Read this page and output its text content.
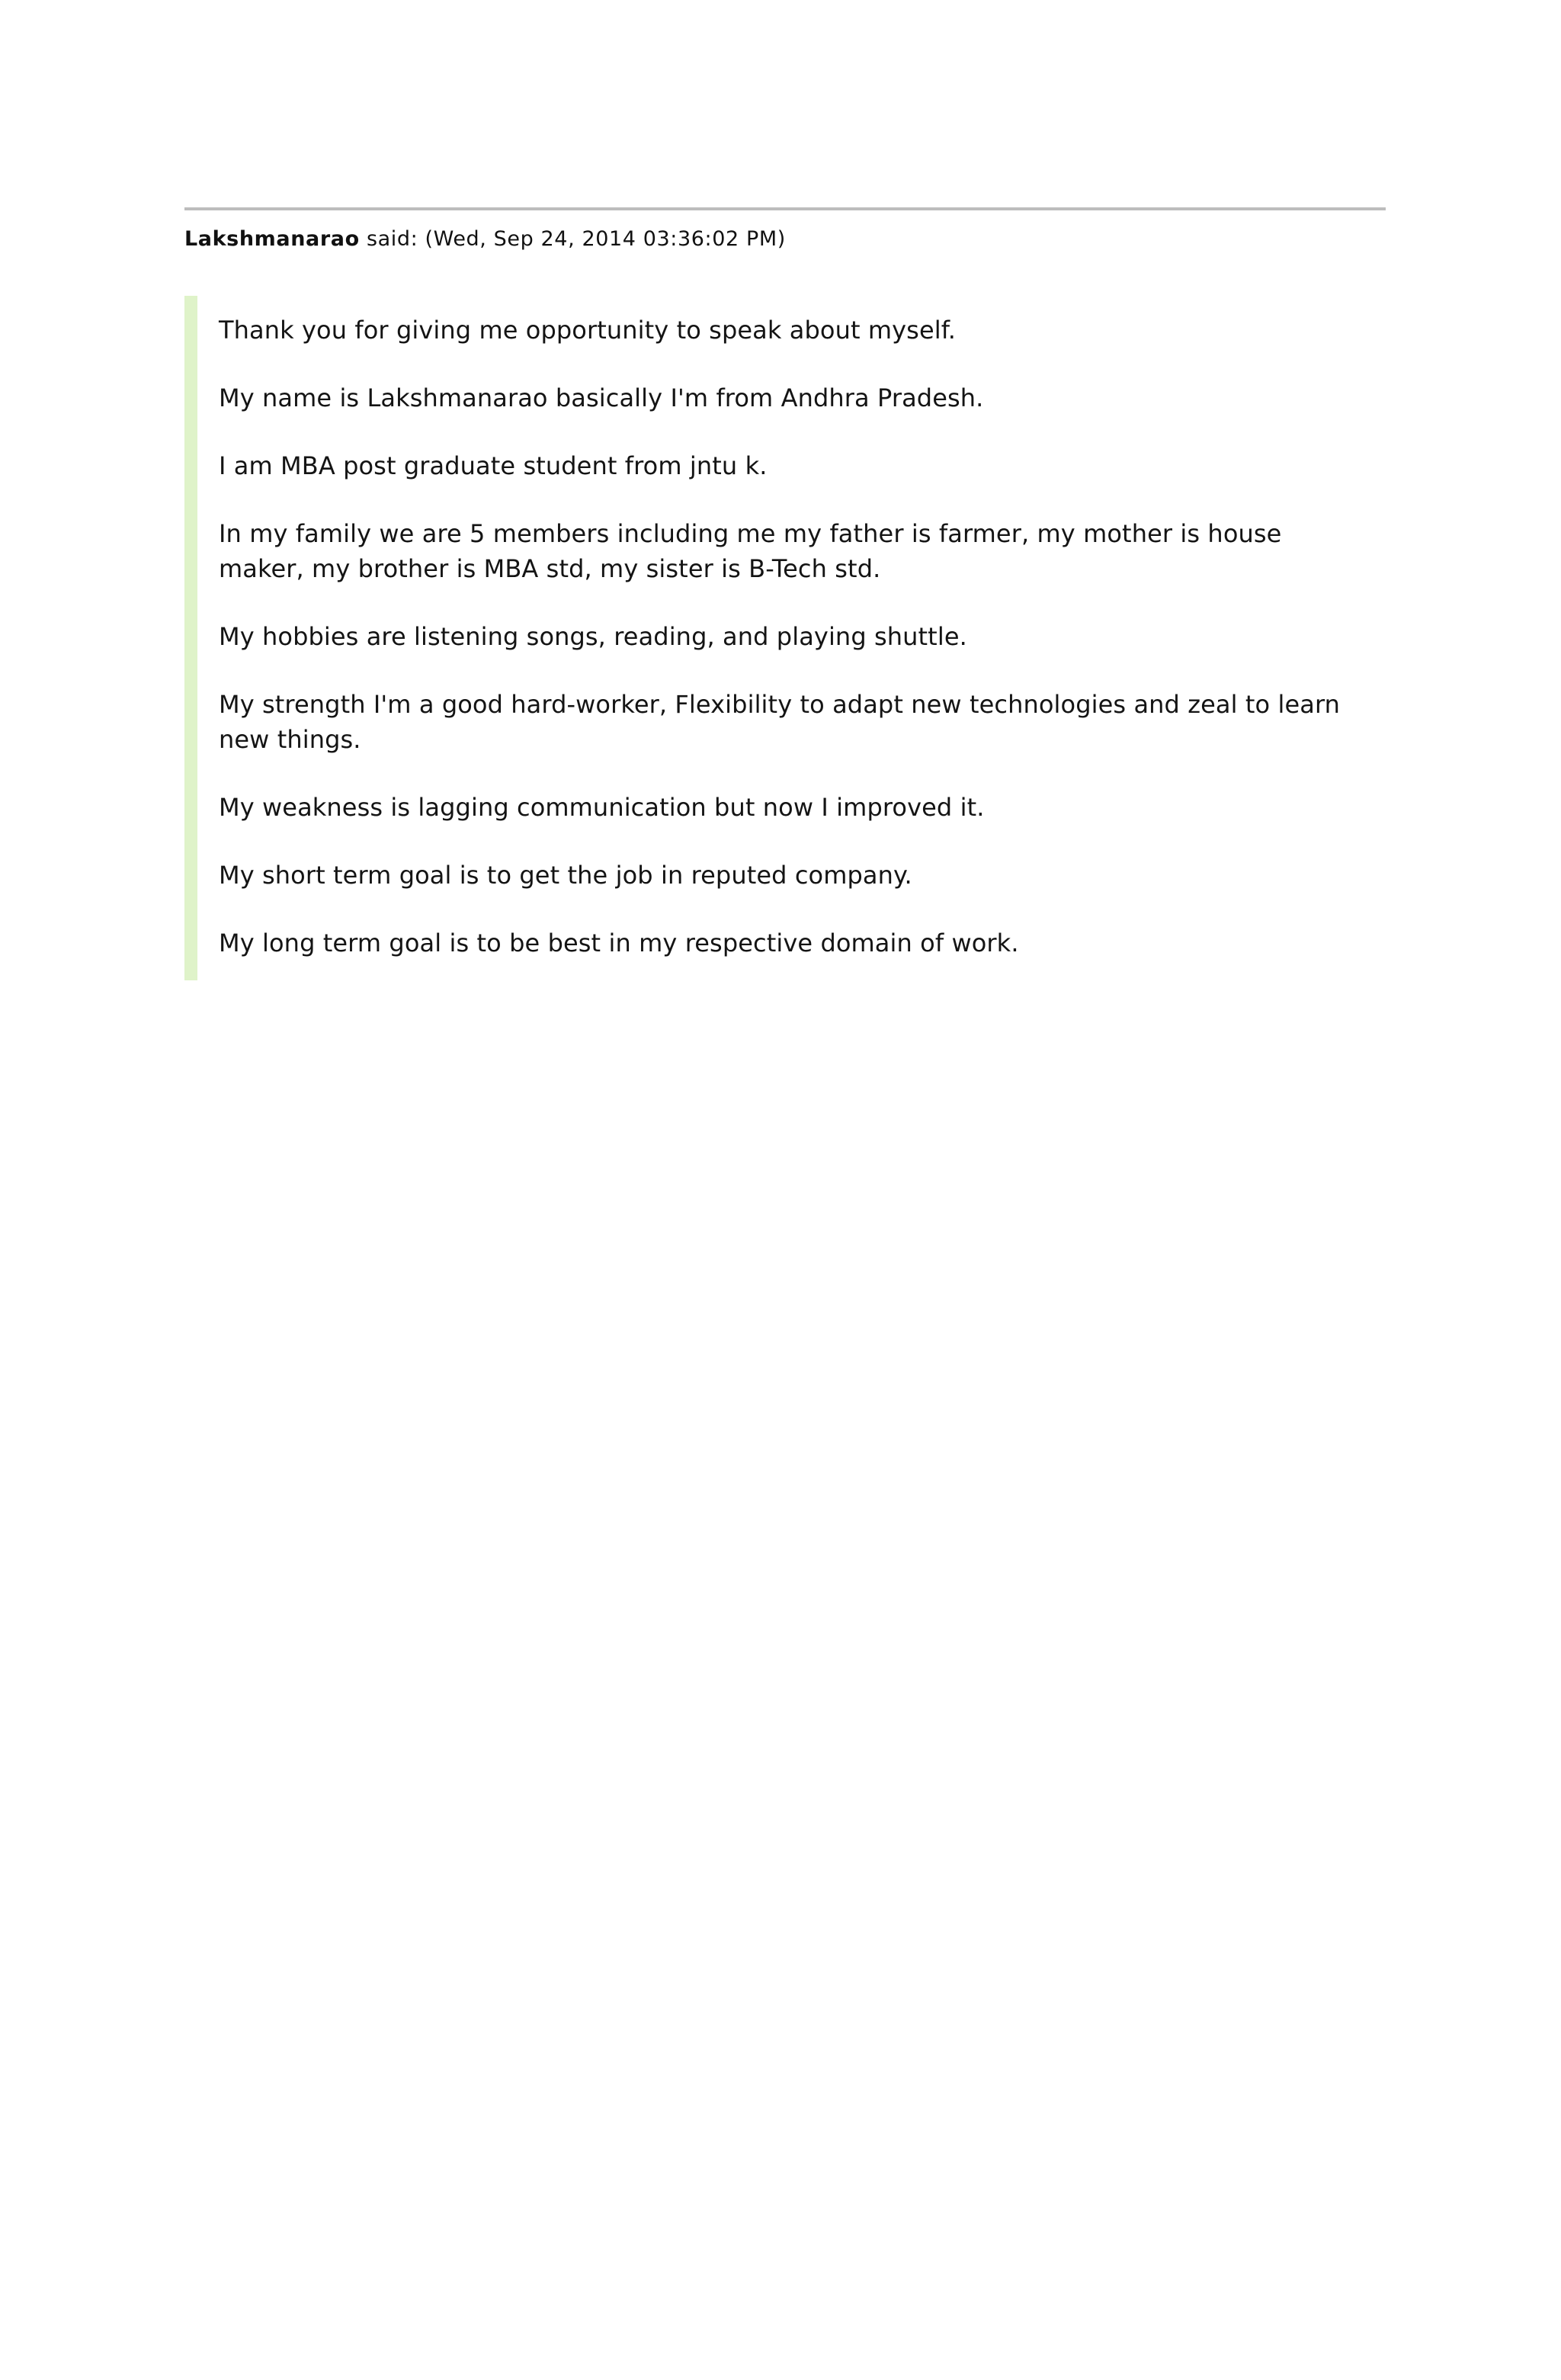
Lakshmanarao said: (Wed, Sep 24, 2014 03:36:02 PM)

Thank you for giving me opportunity to speak about myself.

My name is Lakshmanarao basically I'm from Andhra Pradesh.

I am MBA post graduate student from jntu k.

In my family we are 5 members including me my father is farmer, my mother is house maker, my brother is MBA std, my sister is B-Tech std.

My hobbies are listening songs, reading, and playing shuttle.

My strength I'm a good hard-worker, Flexibility to adapt new technologies and zeal to learn new things.

My weakness is lagging communication but now I improved it.

My short term goal is to get the job in reputed company.

My long term goal is to be best in my respective domain of work.
